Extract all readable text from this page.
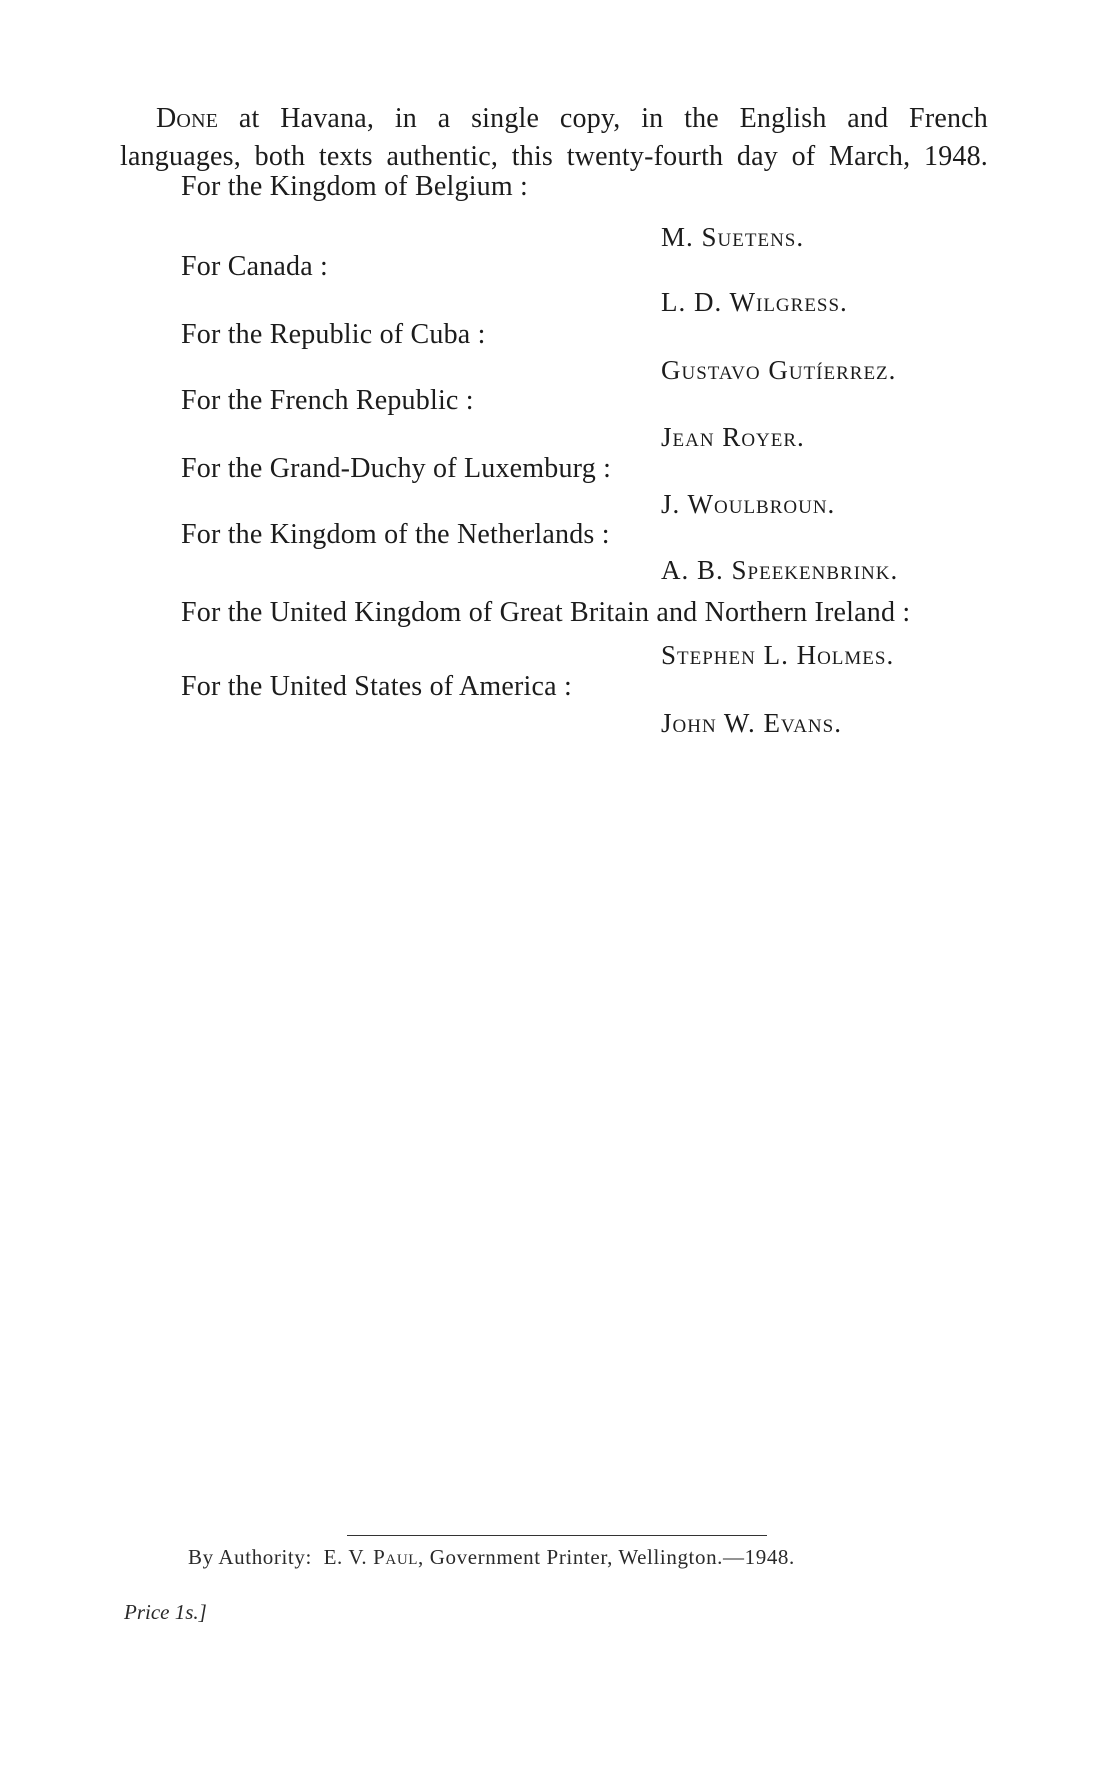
Done at Havana, in a single copy, in the English and French
languages, both texts authentic, this twenty-fourth day of March, 1948.
For the Kingdom of Belgium :
M. Suetens.
For Canada :
L. D. Wilgress.
For the Republic of Cuba :
Gustavo Gutíerrez.
For the French Republic :
Jean Royer.
For the Grand-Duchy of Luxemburg :
J. Woulbroun.
For the Kingdom of the Netherlands :
A. B. Speekenbrink.
For the United Kingdom of Great Britain and Northern Ireland :
Stephen L. Holmes.
For the United States of America :
John W. Evans.
By Authority: E. V. Paul, Government Printer, Wellington.—1948.
Price 1s.]
